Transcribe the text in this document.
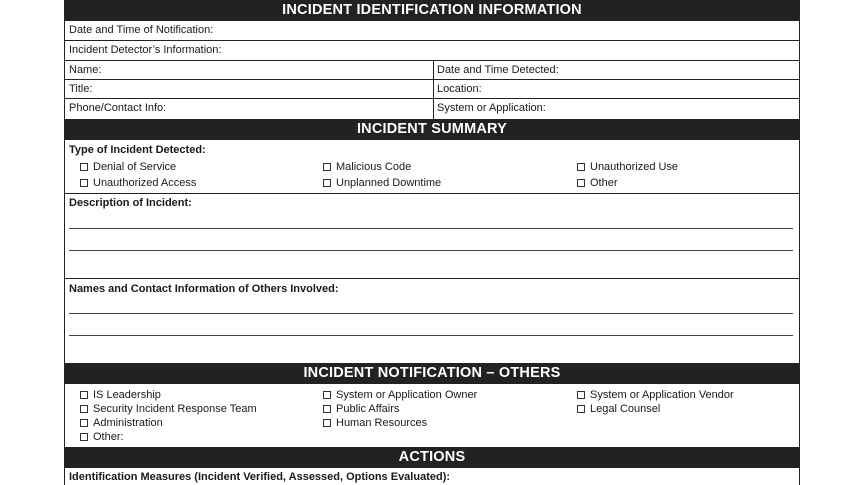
INCIDENT IDENTIFICATION INFORMATION
Date and Time of Notification:
Incident Detector’s Information:
Name:	Date and Time Detected:
Title:	Location:
Phone/Contact Info:	System or Application:
INCIDENT SUMMARY
Type of Incident Detected:
Denial of Service	Malicious Code	Unauthorized Use
Unauthorized Access	Unplanned Downtime	Other
Description of Incident:
Names and Contact Information of Others Involved:
INCIDENT NOTIFICATION – OTHERS
IS Leadership	System or Application Owner	System or Application Vendor
Security Incident Response Team	Public Affairs	Legal Counsel
Administration	Human Resources
Other:
ACTIONS
Identification Measures (Incident Verified, Assessed, Options Evaluated):
